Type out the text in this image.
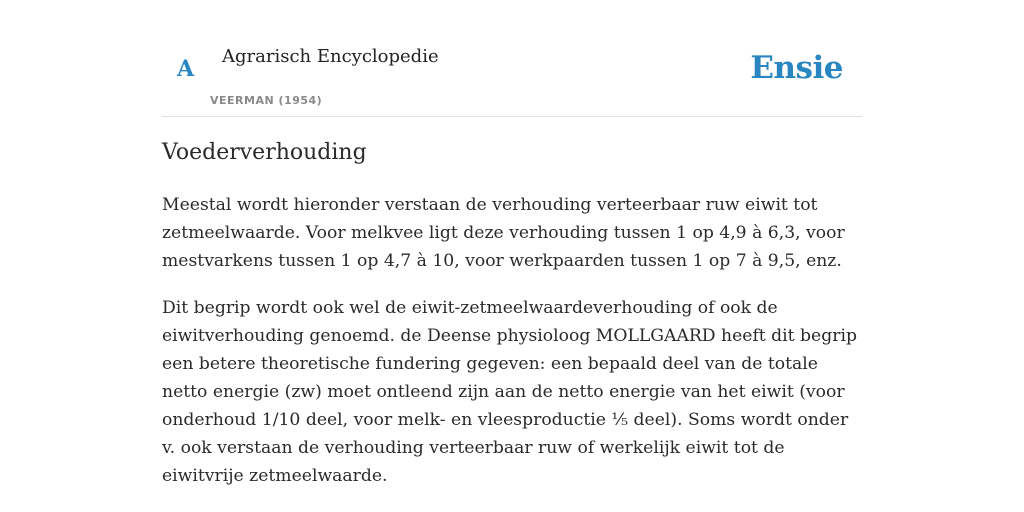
A Agrarisch Encyclopedie
VEERMAN (1954)
Ensie
Voederverhouding

Meestal wordt hieronder verstaan de verhouding verteerbaar ruw eiwit tot zetmeelwaarde. Voor melkvee ligt deze verhouding tussen 1 op 4,9 à 6,3, voor mestvarkens tussen 1 op 4,7 à 10, voor werkpaarden tussen 1 op 7 à 9,5, enz.

Dit begrip wordt ook wel de eiwit-zetmeelwaardeverhouding of ook de eiwitverhouding genoemd. de Deense physioloog MOLLGAARD heeft dit begrip een betere theoretische fundering gegeven: een bepaald deel van de totale netto energie (zw) moet ontleend zijn aan de netto energie van het eiwit (voor onderhoud 1/10 deel, voor melk- en vleesproductie ⅕ deel). Soms wordt onder v. ook verstaan de verhouding verteerbaar ruw of werkelijk eiwit tot de eiwitvrije zetmeelwaarde.
